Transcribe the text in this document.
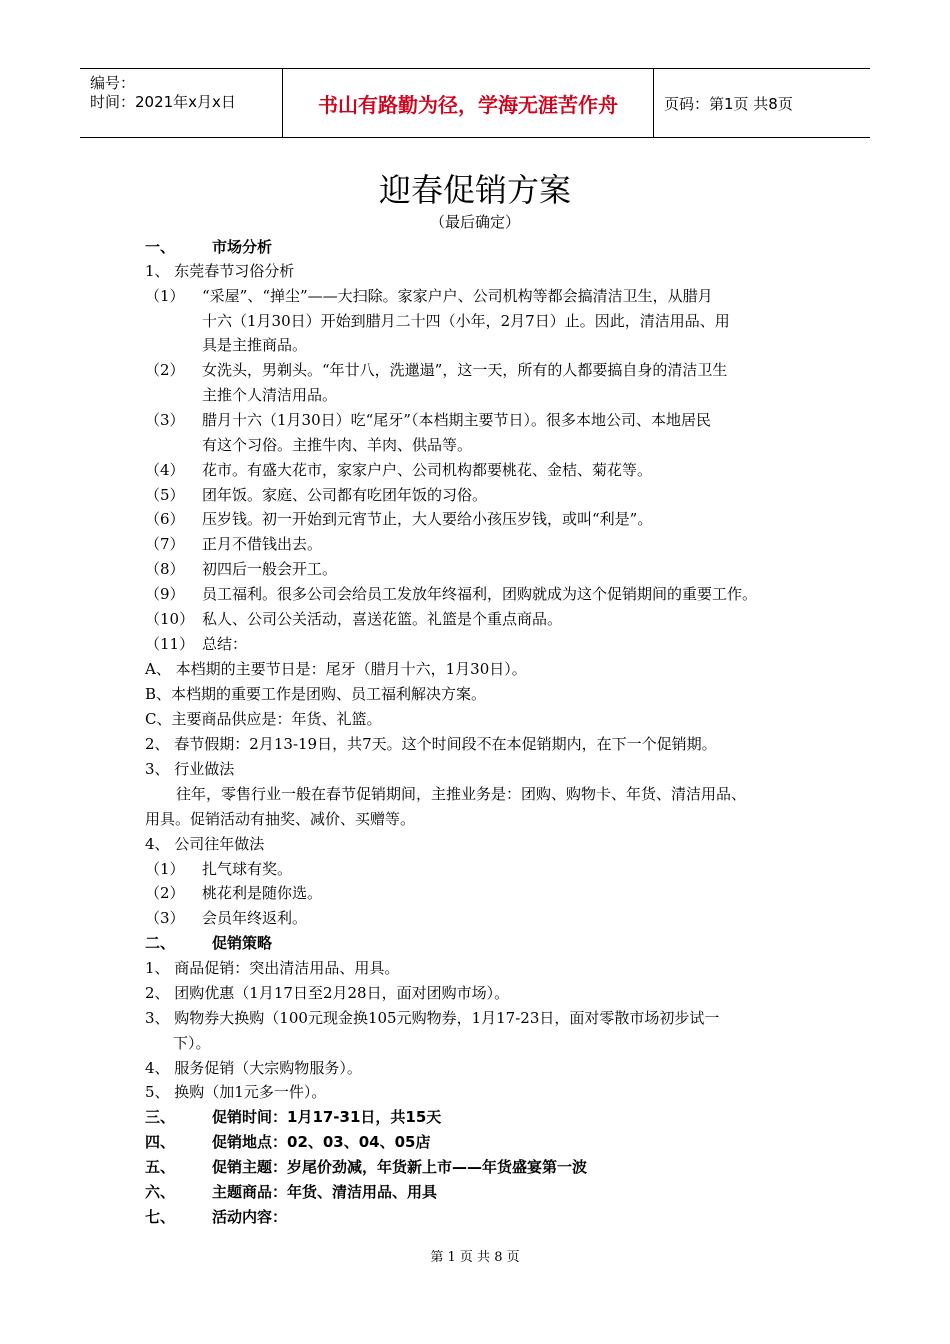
编号：
时间：2021年x月x日	书山有路勤为径，学海无涯苦作舟	页码：第1页 共8页
迎春促销方案
（最后确定）
一、 市场分析
1、 东莞春节习俗分析
（1） “采屋”、“掸尘”——大扫除。家家户户、公司机构等都会搞清洁卫生，从腊月
十六（1月30日）开始到腊月二十四（小年，2月7日）止。因此，清洁用品、用
具是主推商品。
（2） 女洗头，男剃头。“年廿八，洗邋遢”，这一天，所有的人都要搞自身的清洁卫生
主推个人清洁用品。
（3） 腊月十六（1月30日）吃“尾牙”（本档期主要节日）。很多本地公司、本地居民
有这个习俗。主推牛肉、羊肉、供品等。
（4） 花市。有盛大花市，家家户户、公司机构都要桃花、金桔、菊花等。
（5） 团年饭。家庭、公司都有吃团年饭的习俗。
（6） 压岁钱。初一开始到元宵节止，大人要给小孩压岁钱，或叫“利是”。
（7） 正月不借钱出去。
（8） 初四后一般会开工。
（9） 员工福利。很多公司会给员工发放年终福利，团购就成为这个促销期间的重要工作。
（10） 私人、公司公关活动，喜送花篮。礼篮是个重点商品。
（11） 总结：
A、 本档期的主要节日是：尾牙（腊月十六，1月30日）。
B、本档期的重要工作是团购、员工福利解决方案。
C、主要商品供应是：年货、礼篮。
2、 春节假期：2月13-19日，共7天。这个时间段不在本促销期内，在下一个促销期。
3、 行业做法
往年，零售行业一般在春节促销期间，主推业务是：团购、购物卡、年货、清洁用品、
用具。促销活动有抽奖、减价、买赠等。
4、 公司往年做法
（1） 扎气球有奖。
（2） 桃花利是随你选。
（3） 会员年终返利。
二、 促销策略
1、 商品促销：突出清洁用品、用具。
2、 团购优惠（1月17日至2月28日，面对团购市场）。
3、 购物券大换购（100元现金换105元购物券，1月17-23日，面对零散市场初步试一
下）。
4、 服务促销（大宗购物服务）。
5、 换购（加1元多一件）。
三、 促销时间：1月17-31日，共15天
四、 促销地点：02、03、04、05店
五、 促销主题：岁尾价劲减，年货新上市——年货盛宴第一波
六、 主题商品：年货、清洁用品、用具
七、 活动内容：
第 1 页 共 8 页
